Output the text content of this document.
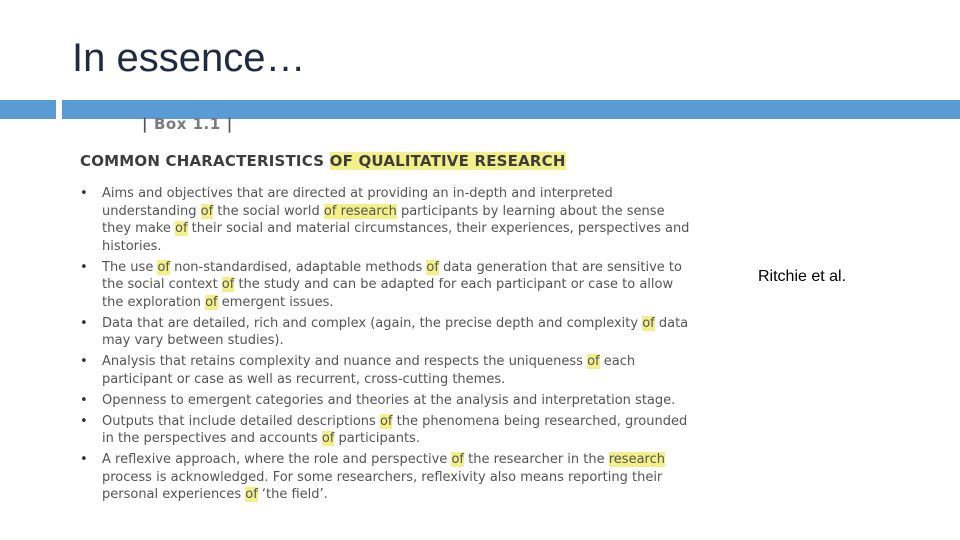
In essence…
| Box 1.1 |
COMMON CHARACTERISTICS OF QUALITATIVE RESEARCH
• Aims and objectives that are directed at providing an in-depth and interpreted understanding of the social world of research participants by learning about the sense they make of their social and material circumstances, their experiences, perspectives and histories.
• The use of non-standardised, adaptable methods of data generation that are sensitive to the social context of the study and can be adapted for each participant or case to allow the exploration of emergent issues.
• Data that are detailed, rich and complex (again, the precise depth and complexity of data may vary between studies).
• Analysis that retains complexity and nuance and respects the uniqueness of each participant or case as well as recurrent, cross-cutting themes.
• Openness to emergent categories and theories at the analysis and interpretation stage.
• Outputs that include detailed descriptions of the phenomena being researched, grounded in the perspectives and accounts of participants.
• A reflexive approach, where the role and perspective of the researcher in the research process is acknowledged. For some researchers, reflexivity also means reporting their personal experiences of ‘the field’.
Ritchie et al.
